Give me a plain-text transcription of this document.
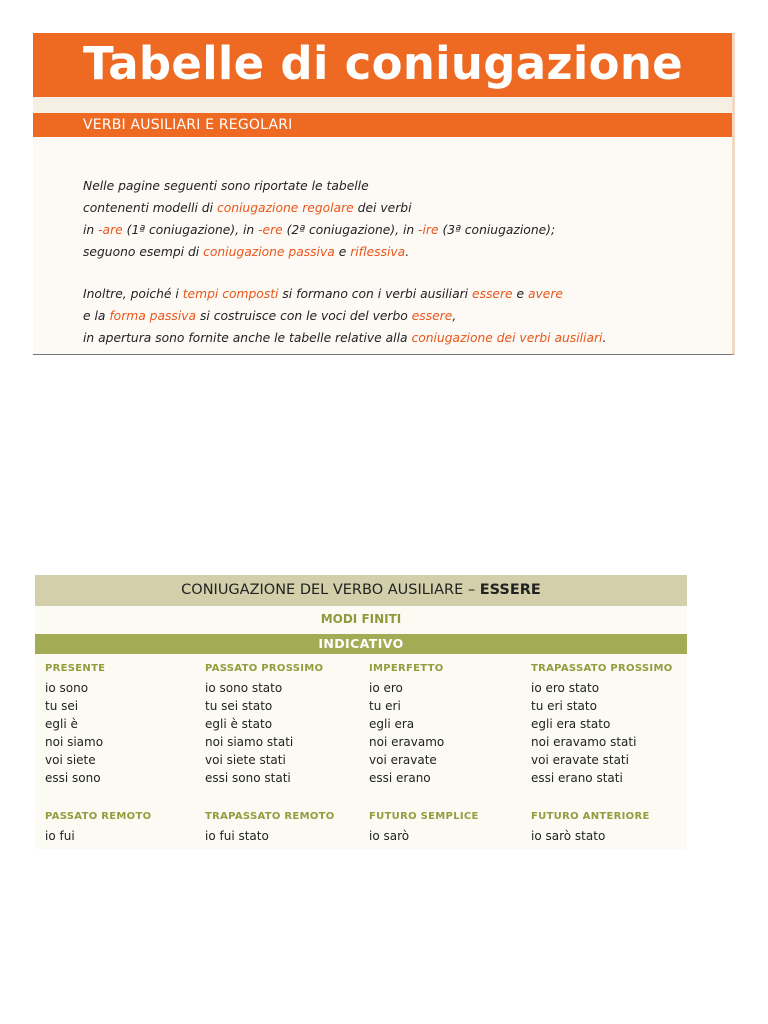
Tabelle di coniugazione
VERBI AUSILIARI E REGOLARI

Nelle pagine seguenti sono riportate le tabelle

contenenti modelli di coniugazione regolare dei verbi

in -are (1ª coniugazione), in -ere (2ª coniugazione), in -ire (3ª coniugazione);

seguono esempi di coniugazione passiva e riflessiva.

Inoltre, poiché i tempi composti si formano con i verbi ausiliari essere e avere

e la forma passiva si costruisce con le voci del verbo essere,

in apertura sono fornite anche le tabelle relative alla coniugazione dei verbi ausiliari.

CONIUGAZIONE DEL VERBO AUSILIARE – ESSERE
MODI FINITI
INDICATIVO
PRESENTE
io sono
tu sei
egli è
noi siamo
voi siete
essi sono
PASSATO PROSSIMO
io sono stato
tu sei stato
egli è stato
noi siamo stati
voi siete stati
essi sono stati
IMPERFETTO
io ero
tu eri
egli era
noi eravamo
voi eravate
essi erano
TRAPASSATO PROSSIMO
io ero stato
tu eri stato
egli era stato
noi eravamo stati
voi eravate stati
essi erano stati
PASSATO REMOTO
io fui
TRAPASSATO REMOTO
io fui stato
FUTURO SEMPLICE
io sarò
FUTURO ANTERIORE
io sarò stato
